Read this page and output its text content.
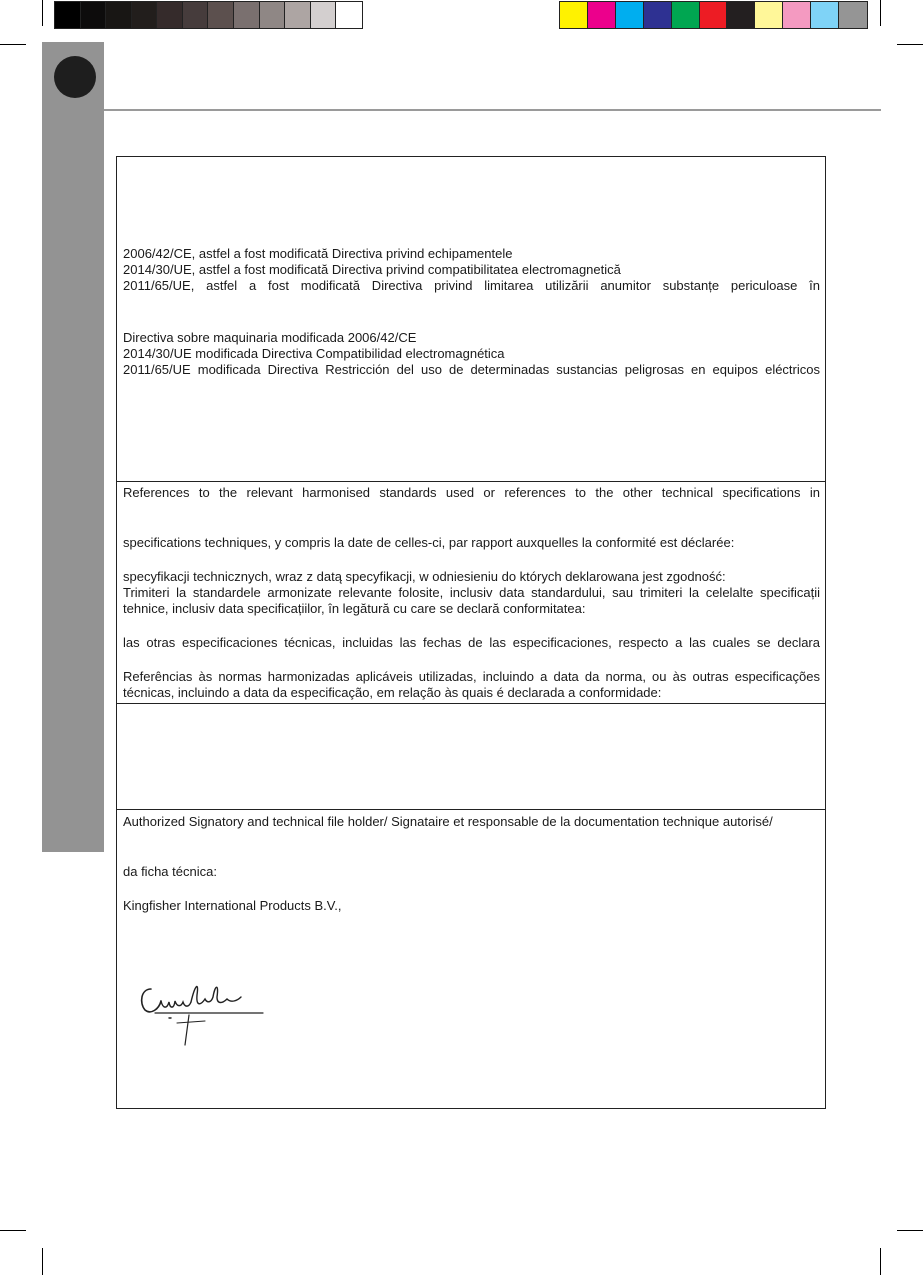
2006/42/CE, astfel a fost modificată Directiva privind echipamentele
2014/30/UE, astfel a fost modificată Directiva privind compatibilitatea electromagnetică
2011/65/UE, astfel a fost modificată Directiva privind limitarea utilizării anumitor substanțe periculoase în
Directiva sobre maquinaria modificada 2006/42/CE
2014/30/UE modificada Directiva Compatibilidad electromagnética
2011/65/UE modificada Directiva Restricción del uso de determinadas sustancias peligrosas en equipos eléctricos
References to the relevant harmonised standards used or references to the other technical specifications in
specifications techniques, y compris la date de celles-ci, par rapport auxquelles la conformité est déclarée:
specyfikacji technicznych, wraz z datą specyfikacji, w odniesieniu do których deklarowana jest zgodność:
Trimiteri la standardele armonizate relevante folosite, inclusiv data standardului, sau trimiteri la celelalte specificații
tehnice, inclusiv data specificațiilor, în legătură cu care se declară conformitatea:
las otras especificaciones técnicas, incluidas las fechas de las especificaciones, respecto a las cuales se declara
Referências às normas harmonizadas aplicáveis utilizadas, incluindo a data da norma, ou às outras especificações
técnicas, incluindo a data da especificação, em relação às quais é declarada a conformidade:
Authorized Signatory and technical file holder/ Signataire et responsable de la documentation technique autorisé/
da ficha técnica:
Kingfisher International Products B.V.,
